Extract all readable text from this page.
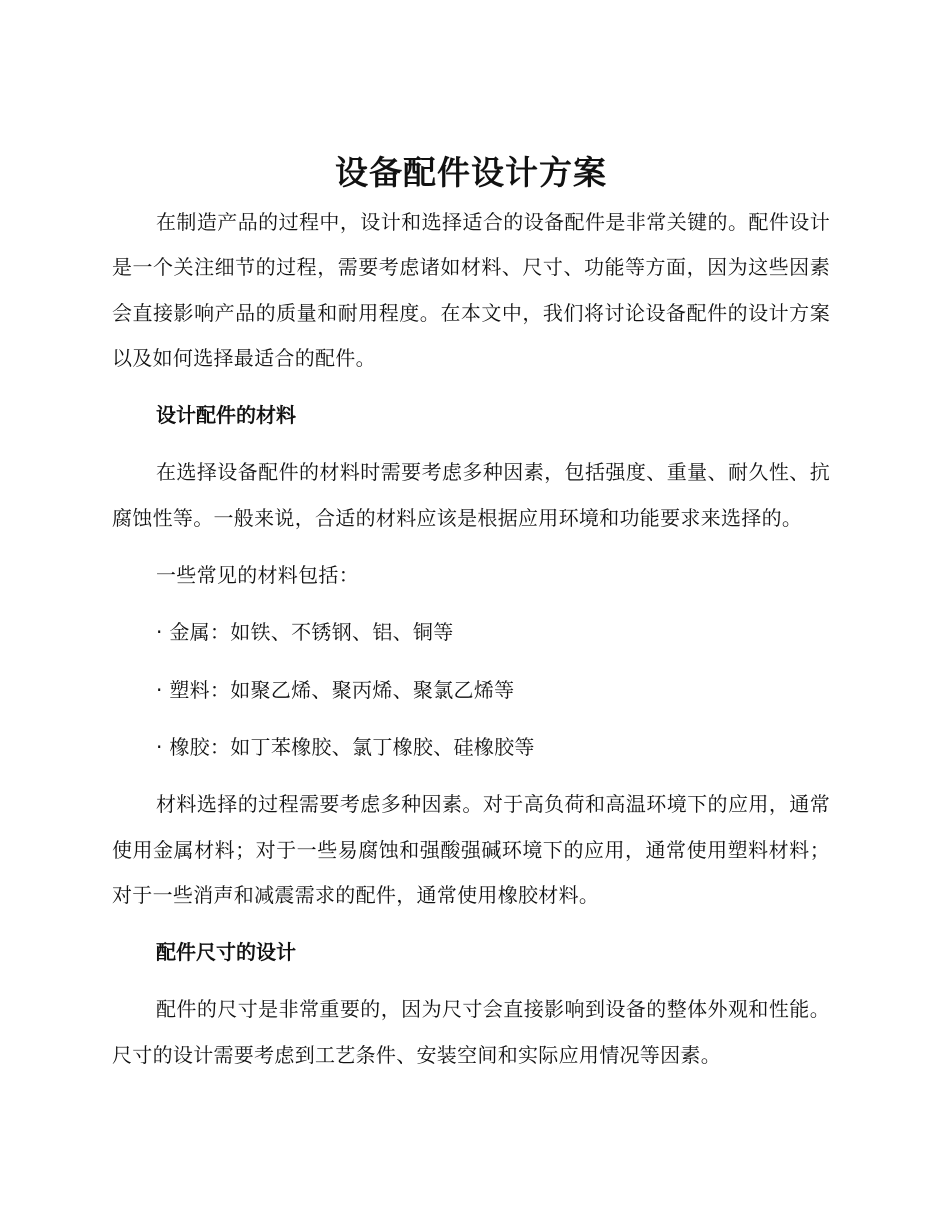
设备配件设计方案

在制造产品的过程中，设计和选择适合的设备配件是非常关键的。配件设计是一个关注细节的过程，需要考虑诸如材料、尺寸、功能等方面，因为这些因素会直接影响产品的质量和耐用程度。在本文中，我们将讨论设备配件的设计方案以及如何选择最适合的配件。

设计配件的材料

在选择设备配件的材料时需要考虑多种因素，包括强度、重量、耐久性、抗腐蚀性等。一般来说，合适的材料应该是根据应用环境和功能要求来选择的。

一些常见的材料包括：

· 金属：如铁、不锈钢、铝、铜等
· 塑料：如聚乙烯、聚丙烯、聚氯乙烯等
· 橡胶：如丁苯橡胶、氯丁橡胶、硅橡胶等

材料选择的过程需要考虑多种因素。对于高负荷和高温环境下的应用，通常使用金属材料；对于一些易腐蚀和强酸强碱环境下的应用，通常使用塑料材料；对于一些消声和减震需求的配件，通常使用橡胶材料。

配件尺寸的设计

配件的尺寸是非常重要的，因为尺寸会直接影响到设备的整体外观和性能。尺寸的设计需要考虑到工艺条件、安装空间和实际应用情况等因素。
